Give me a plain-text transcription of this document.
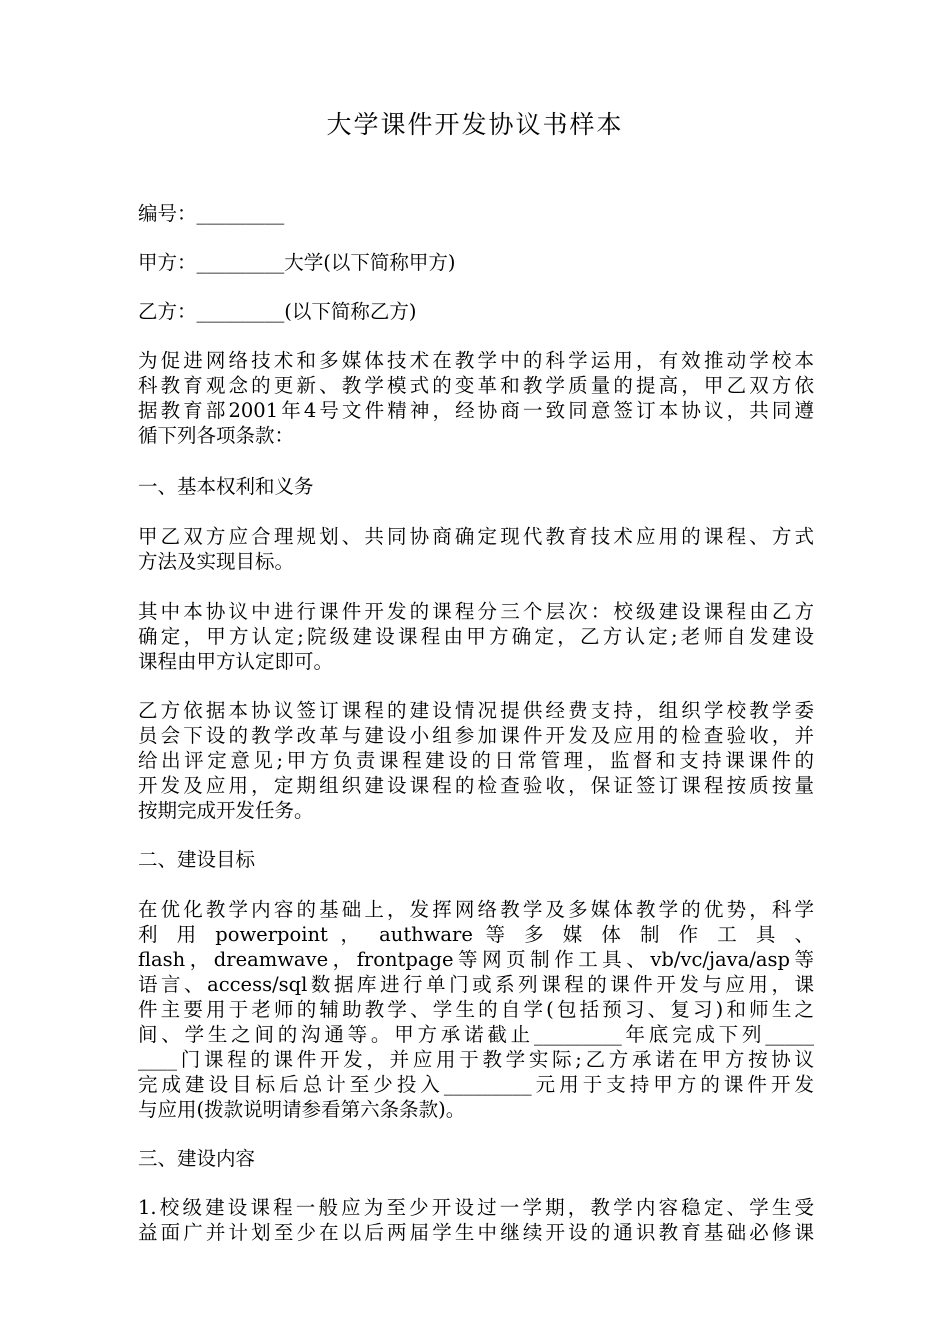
大学课件开发协议书样本

编号：_________

甲方：_________大学(以下简称甲方)

乙方：_________(以下简称乙方)

为促进网络技术和多媒体技术在教学中的科学运用，有效推动学校本
科教育观念的更新、教学模式的变革和教学质量的提高，甲乙双方依
据教育部2001年4号文件精神，经协商一致同意签订本协议，共同遵
循下列各项条款：

一、基本权利和义务

甲乙双方应合理规划、共同协商确定现代教育技术应用的课程、方式
方法及实现目标。
其中本协议中进行课件开发的课程分三个层次：校级建设课程由乙方
确定，甲方认定;院级建设课程由甲方确定，乙方认定;老师自发建设
课程由甲方认定即可。
乙方依据本协议签订课程的建设情况提供经费支持，组织学校教学委
员会下设的教学改革与建设小组参加课件开发及应用的检查验收，并
给出评定意见;甲方负责课程建设的日常管理，监督和支持课课件的
开发及应用，定期组织建设课程的检查验收，保证签订课程按质按量
按期完成开发任务。

二、建设目标

在优化教学内容的基础上，发挥网络教学及多媒体教学的优势，科学
利 用 powerpoint ， authware 等 多 媒 体 制 作 工 具 、
flash，dreamwave，frontpage等网页制作工具、vb/vc/java/asp等
语言、access/sql数据库进行单门或系列课程的课件开发与应用，课
件主要用于老师的辅助教学、学生的自学(包括预习、复习)和师生之
间、学生之间的沟通等。甲方承诺截止_________年底完成下列_____
____门课程的课件开发，并应用于教学实际;乙方承诺在甲方按协议
完成建设目标后总计至少投入_________元用于支持甲方的课件开发
与应用(拨款说明请参看第六条条款)。

三、建设内容

1.校级建设课程一般应为至少开设过一学期，教学内容稳定、学生受
益面广并计划至少在以后两届学生中继续开设的通识教育基础必修课
